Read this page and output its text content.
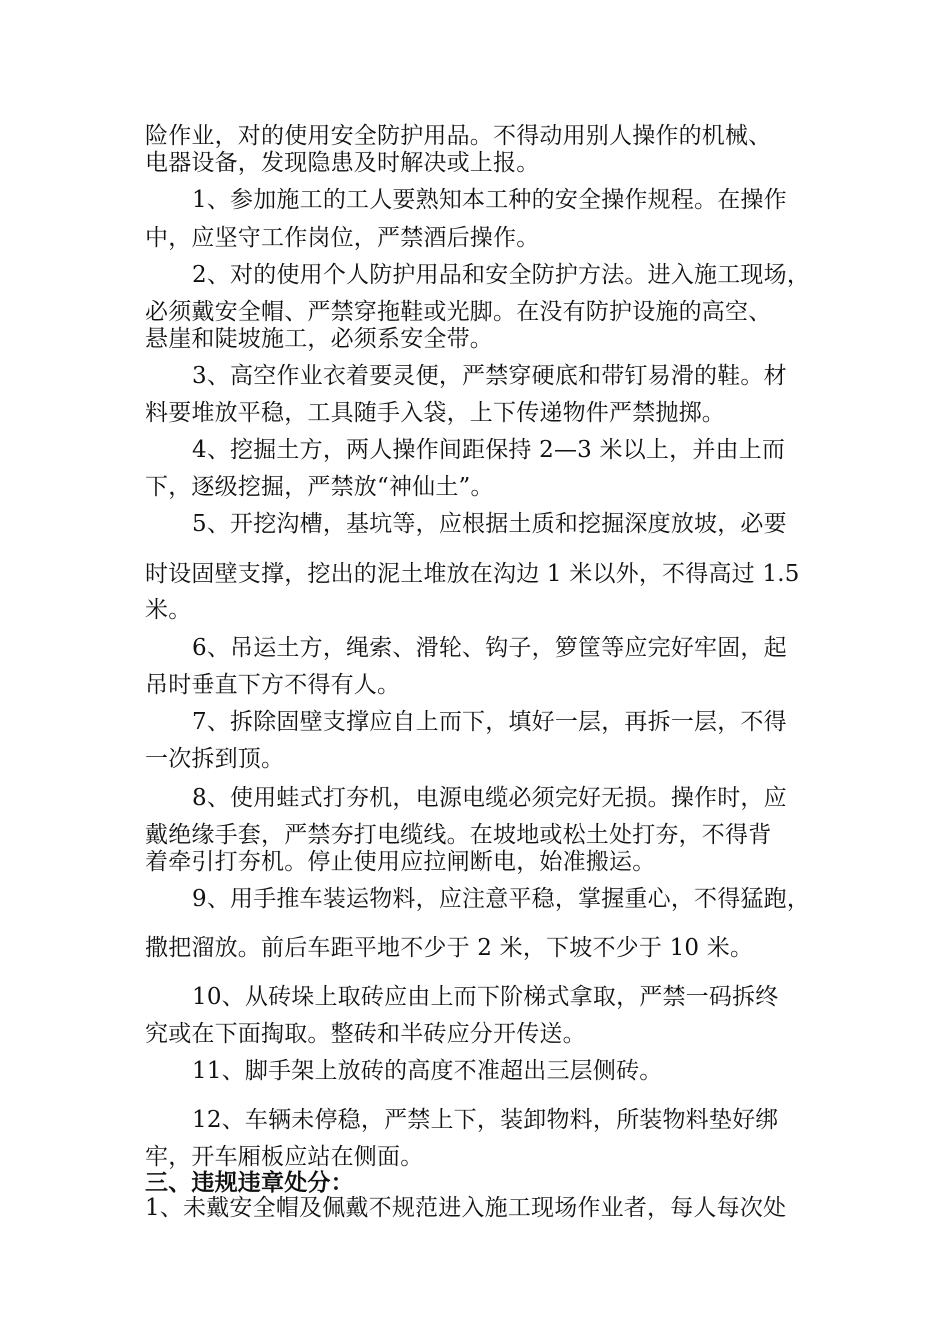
险作业，对的使用安全防护用品。不得动用别人操作的机械、
电器设备，发现隐患及时解决或上报。
1、参加施工的工人要熟知本工种的安全操作规程。在操作
中，应坚守工作岗位，严禁酒后操作。
2、对的使用个人防护用品和安全防护方法。进入施工现场，
必须戴安全帽、严禁穿拖鞋或光脚。在没有防护设施的高空、
悬崖和陡坡施工，必须系安全带。
3、高空作业衣着要灵便，严禁穿硬底和带钉易滑的鞋。材
料要堆放平稳，工具随手入袋，上下传递物件严禁抛掷。
4、挖掘土方，两人操作间距保持 2—3 米以上，并由上而
下，逐级挖掘，严禁放“神仙土”。
5、开挖沟槽，基坑等，应根据土质和挖掘深度放坡，必要
时设固壁支撑，挖出的泥土堆放在沟边 1 米以外，不得高过 1.5
米。
6、吊运土方，绳索、滑轮、钩子，箩筐等应完好牢固，起
吊时垂直下方不得有人。
7、拆除固壁支撑应自上而下，填好一层，再拆一层，不得
一次拆到顶。
8、使用蛙式打夯机，电源电缆必须完好无损。操作时，应
戴绝缘手套，严禁夯打电缆线。在坡地或松土处打夯，不得背
着牵引打夯机。停止使用应拉闸断电，始准搬运。
9、用手推车装运物料，应注意平稳，掌握重心，不得猛跑，
撒把溜放。前后车距平地不少于 2 米，下坡不少于 10 米。
10、从砖垛上取砖应由上而下阶梯式拿取，严禁一码拆终
究或在下面掏取。整砖和半砖应分开传送。
11、脚手架上放砖的高度不准超出三层侧砖。
12、车辆未停稳，严禁上下，装卸物料，所装物料垫好绑
牢，开车厢板应站在侧面。
三、违规违章处分：
1、未戴安全帽及佩戴不规范进入施工现场作业者，每人每次处
